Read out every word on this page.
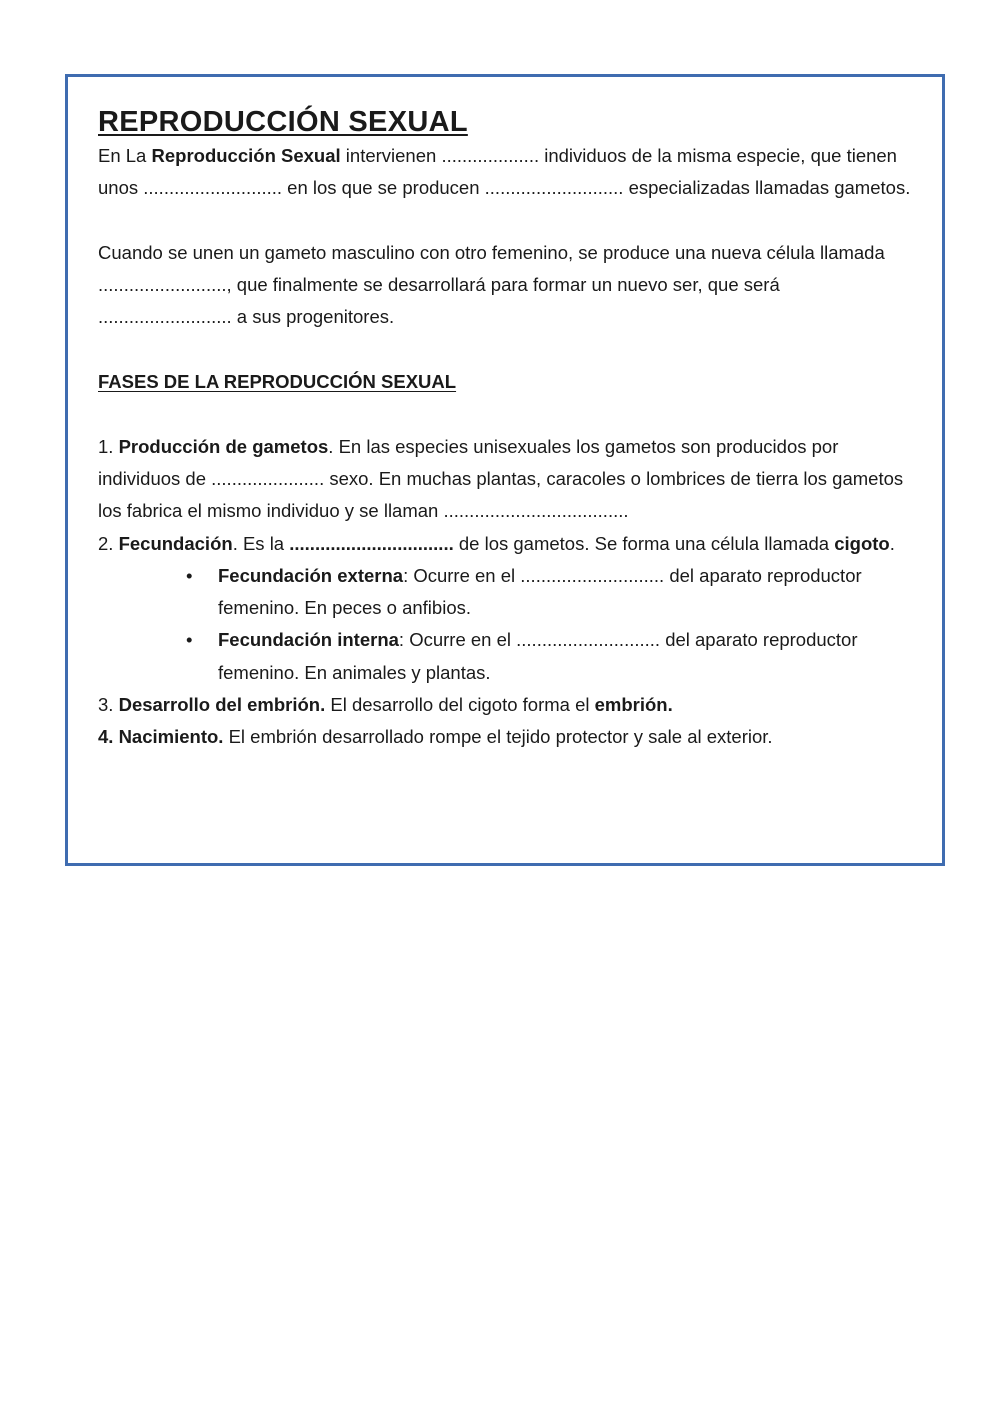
REPRODUCCIÓN SEXUAL

En La Reproducción Sexual intervienen ................... individuos de la misma especie, que tienen unos ........................... en los que se producen ........................... especializadas llamadas gametos.

Cuando se unen un gameto masculino con otro femenino, se produce una nueva célula llamada ........................., que finalmente se desarrollará para formar un nuevo ser, que será .......................... a sus progenitores.

FASES DE LA REPRODUCCIÓN SEXUAL

1. Producción de gametos. En las especies unisexuales los gametos son producidos por individuos de ...................... sexo. En muchas plantas, caracoles o lombrices de tierra los gametos los fabrica el mismo individuo y se llaman ....................................

2. Fecundación. Es la ................................ de los gametos. Se forma una célula llamada cigoto.

• Fecundación externa: Ocurre en el ............................ del aparato reproductor femenino. En peces o anfibios.
• Fecundación interna: Ocurre en el ............................ del aparato reproductor femenino. En animales y plantas.

3. Desarrollo del embrión. El desarrollo del cigoto forma el embrión.

4. Nacimiento. El embrión desarrollado rompe el tejido protector y sale al exterior.
